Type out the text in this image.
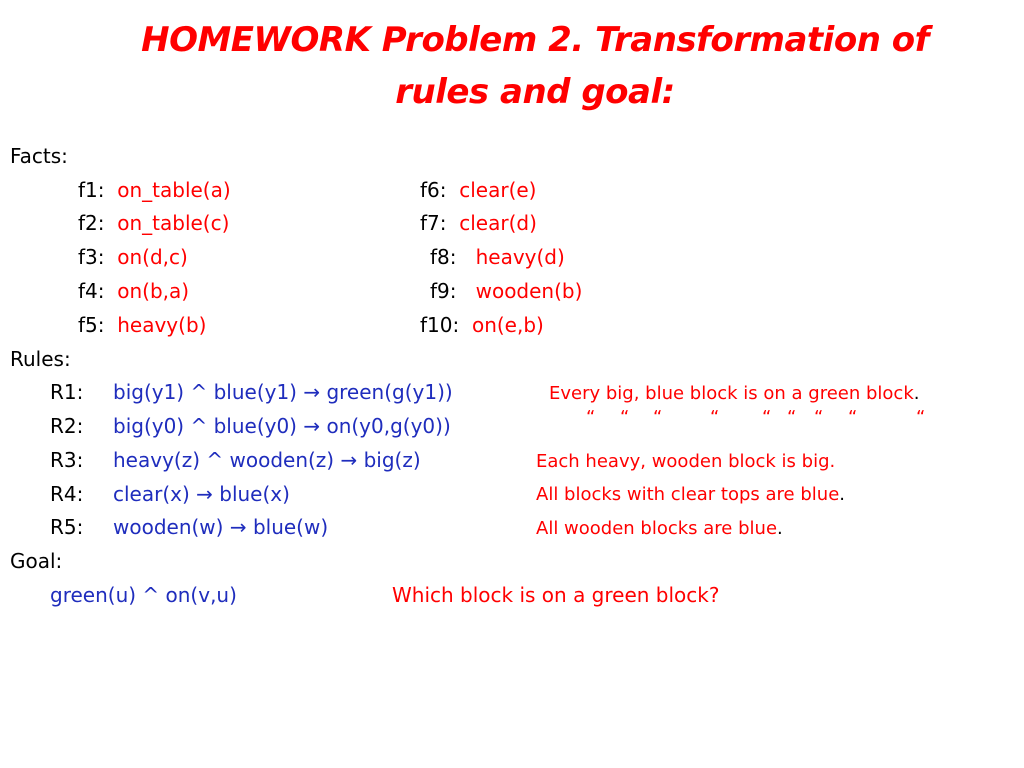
HOMEWORK Problem 2. Transformation of
rules and goal:
Facts:
f1: on_table(a)
f2: on_table(c)
f3: on(d,c)
f4: on(b,a)
f5: heavy(b)
f6: clear(e)
f7: clear(d)
f8: heavy(d)
f9: wooden(b)
f10: on(e,b)
Rules:
R1: big(y1) ^ blue(y1) → green(g(y1))	Every big, blue block is on a green block.
R2: big(y0) ^ blue(y0) → on(y0,g(y0))	“ “ “	“ “ “ “ “	“
R3: heavy(z) ^ wooden(z) → big(z)	Each heavy, wooden block is big.
R4: clear(x) → blue(x)	All blocks with clear tops are blue.
R5: wooden(w) → blue(w)	All wooden blocks are blue.
Goal:
green(u) ^ on(v,u)	Which block is on a green block?
